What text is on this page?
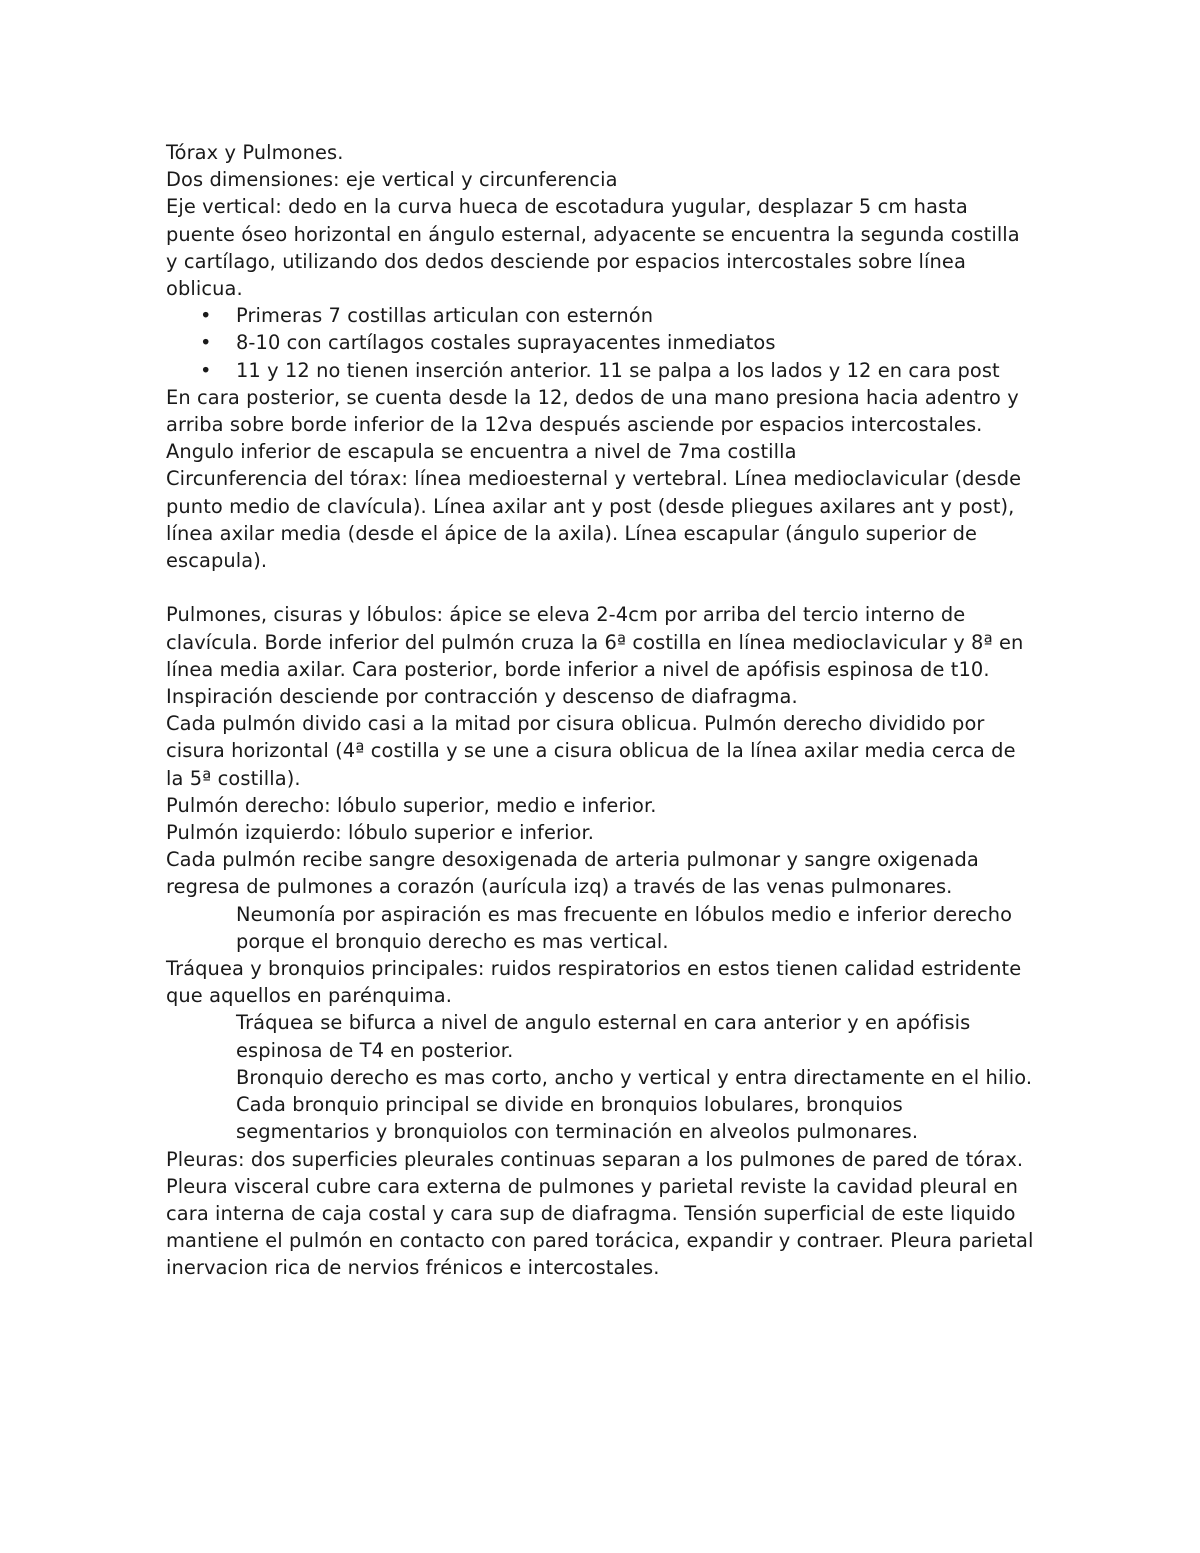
Tórax y Pulmones.

Dos dimensiones: eje vertical y circunferencia

Eje vertical: dedo en la curva hueca de escotadura yugular, desplazar 5 cm hasta puente óseo horizontal en ángulo esternal, adyacente se encuentra la segunda costilla y cartílago, utilizando dos dedos desciende por espacios intercostales sobre línea oblicua.

• Primeras 7 costillas articulan con esternón
• 8-10 con cartílagos costales suprayacentes inmediatos
• 11 y 12 no tienen inserción anterior. 11 se palpa a los lados y 12 en cara post

En cara posterior, se cuenta desde la 12, dedos de una mano presiona hacia adentro y arriba sobre borde inferior de la 12va después asciende por espacios intercostales. Angulo inferior de escapula se encuentra a nivel de 7ma costilla

Circunferencia del tórax: línea medioesternal y vertebral. Línea medioclavicular (desde punto medio de clavícula). Línea axilar ant y post (desde pliegues axilares ant y post), línea axilar media (desde el ápice de la axila). Línea escapular (ángulo superior de escapula).

Pulmones, cisuras y lóbulos: ápice se eleva 2-4cm por arriba del tercio interno de clavícula. Borde inferior del pulmón cruza la 6ª costilla en línea medioclavicular y 8ª en línea media axilar. Cara posterior, borde inferior a nivel de apófisis espinosa de t10. Inspiración desciende por contracción y descenso de diafragma.

Cada pulmón divido casi a la mitad por cisura oblicua. Pulmón derecho dividido por cisura horizontal (4ª costilla y se une a cisura oblicua de la línea axilar media cerca de la 5ª costilla).

Pulmón derecho: lóbulo superior, medio e inferior.

Pulmón izquierdo: lóbulo superior e inferior.

Cada pulmón recibe sangre desoxigenada de arteria pulmonar y sangre oxigenada regresa de pulmones a corazón (aurícula izq) a través de las venas pulmonares.

Neumonía por aspiración es mas frecuente en lóbulos medio e inferior derecho porque el bronquio derecho es mas vertical.

Tráquea y bronquios principales: ruidos respiratorios en estos tienen calidad estridente que aquellos en parénquima.

Tráquea se bifurca a nivel de angulo esternal en cara anterior y en apófisis espinosa de T4 en posterior.

Bronquio derecho es mas corto, ancho y vertical y entra directamente en el hilio.

Cada bronquio principal se divide en bronquios lobulares, bronquios segmentarios y bronquiolos con terminación en alveolos pulmonares.

Pleuras: dos superficies pleurales continuas separan a los pulmones de pared de tórax. Pleura visceral cubre cara externa de pulmones y parietal reviste la cavidad pleural en cara interna de caja costal y cara sup de diafragma. Tensión superficial de este liquido mantiene el pulmón en contacto con pared torácica, expandir y contraer. Pleura parietal inervacion rica de nervios frénicos e intercostales.
